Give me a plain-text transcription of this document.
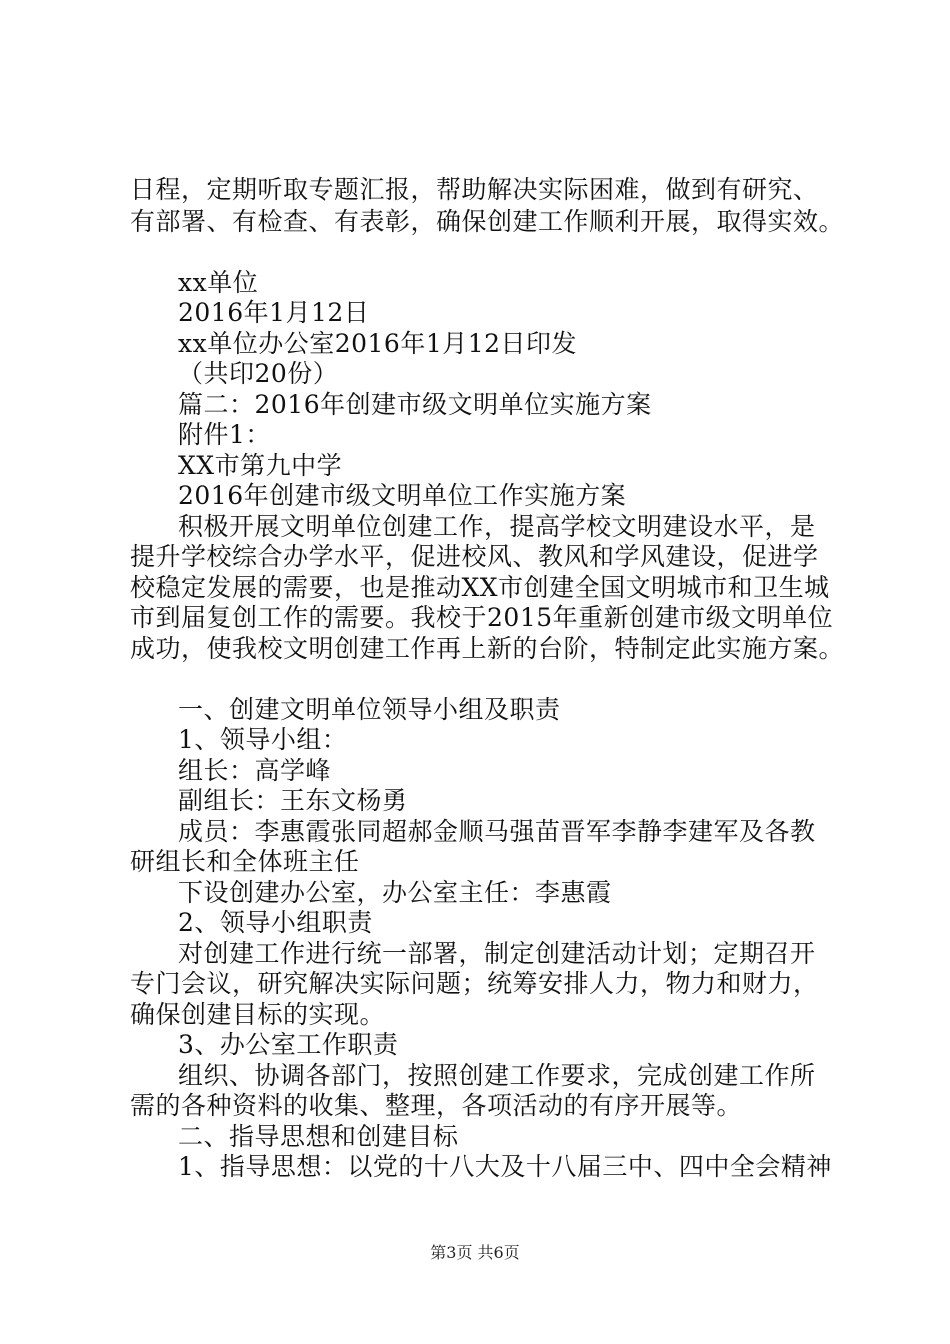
日程，定期听取专题汇报，帮助解决实际困难，做到有研究、
有部署、有检查、有表彰，确保创建工作顺利开展，取得实效。
xx单位
2016年1月12日
xx单位办公室2016年1月12日印发
（共印20份）
篇二：2016年创建市级文明单位实施方案
附件1：
XX市第九中学
2016年创建市级文明单位工作实施方案
积极开展文明单位创建工作，提高学校文明建设水平，是
提升学校综合办学水平，促进校风、教风和学风建设，促进学
校稳定发展的需要，也是推动XX市创建全国文明城市和卫生城
市到届复创工作的需要。我校于2015年重新创建市级文明单位
成功，使我校文明创建工作再上新的台阶，特制定此实施方案。
一、创建文明单位领导小组及职责
1、领导小组：
组长：高学峰
副组长：王东文杨勇
成员：李惠霞张同超郝金顺马强苗晋军李静李建军及各教
研组长和全体班主任
下设创建办公室，办公室主任：李惠霞
2、领导小组职责
对创建工作进行统一部署，制定创建活动计划；定期召开
专门会议，研究解决实际问题；统筹安排人力，物力和财力，
确保创建目标的实现。
3、办公室工作职责
组织、协调各部门，按照创建工作要求，完成创建工作所
需的各种资料的收集、整理，各项活动的有序开展等。
二、指导思想和创建目标
1、指导思想：以党的十八大及十八届三中、四中全会精神
第3页 共6页
